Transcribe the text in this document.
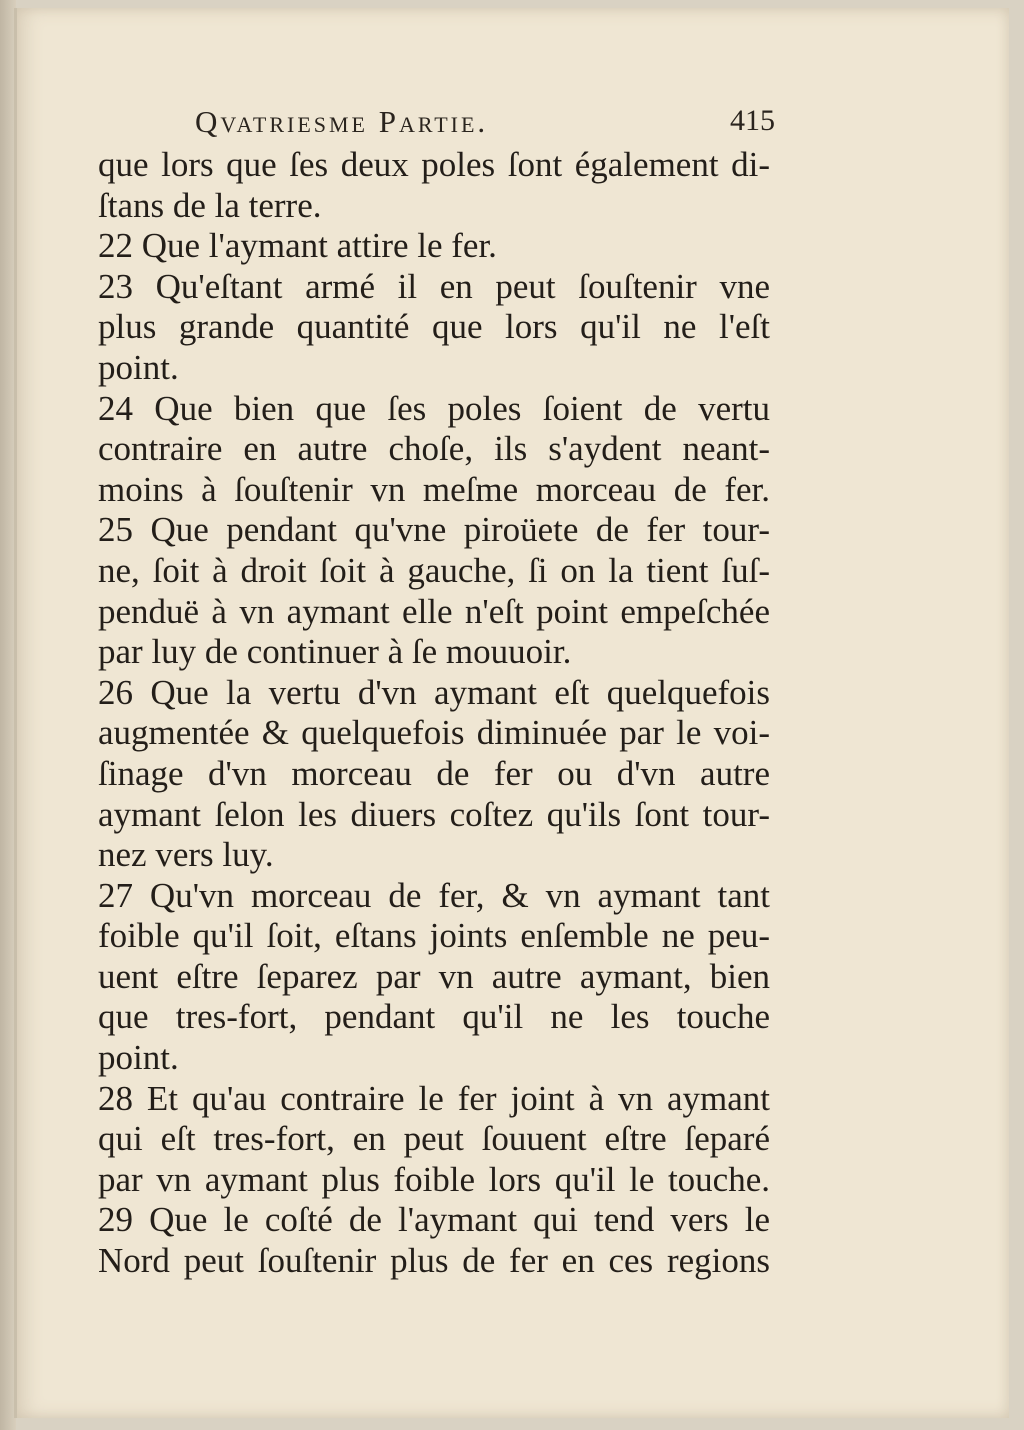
Qvatriesme Partie.	415
que lors que ſes deux poles ſont également di-
ſtans de la terre.
22 Que l'aymant attire le fer.
23 Qu'eſtant armé il en peut ſouſtenir vne
plus grande quantité que lors qu'il ne l'eſt
point.
24 Que bien que ſes poles ſoient de vertu
contraire en autre choſe, ils s'aydent neant-
moins à ſouſtenir vn meſme morceau de fer.
25 Que pendant qu'vne piroüete de fer tour-
ne, ſoit à droit ſoit à gauche, ſi on la tient ſuſ-
penduë à vn aymant elle n'eſt point empeſchée
par luy de continuer à ſe mouuoir.
26 Que la vertu d'vn aymant eſt quelquefois
augmentée & quelquefois diminuée par le voi-
ſinage d'vn morceau de fer ou d'vn autre
aymant ſelon les diuers coſtez qu'ils ſont tour-
nez vers luy.
27 Qu'vn morceau de fer, & vn aymant tant
foible qu'il ſoit, eſtans joints enſemble ne peu-
uent eſtre ſeparez par vn autre aymant, bien
que tres-fort, pendant qu'il ne les touche
point.
28 Et qu'au contraire le fer joint à vn aymant
qui eſt tres-fort, en peut ſouuent eſtre ſeparé
par vn aymant plus foible lors qu'il le touche.
29 Que le coſté de l'aymant qui tend vers le
Nord peut ſouſtenir plus de fer en ces regions
